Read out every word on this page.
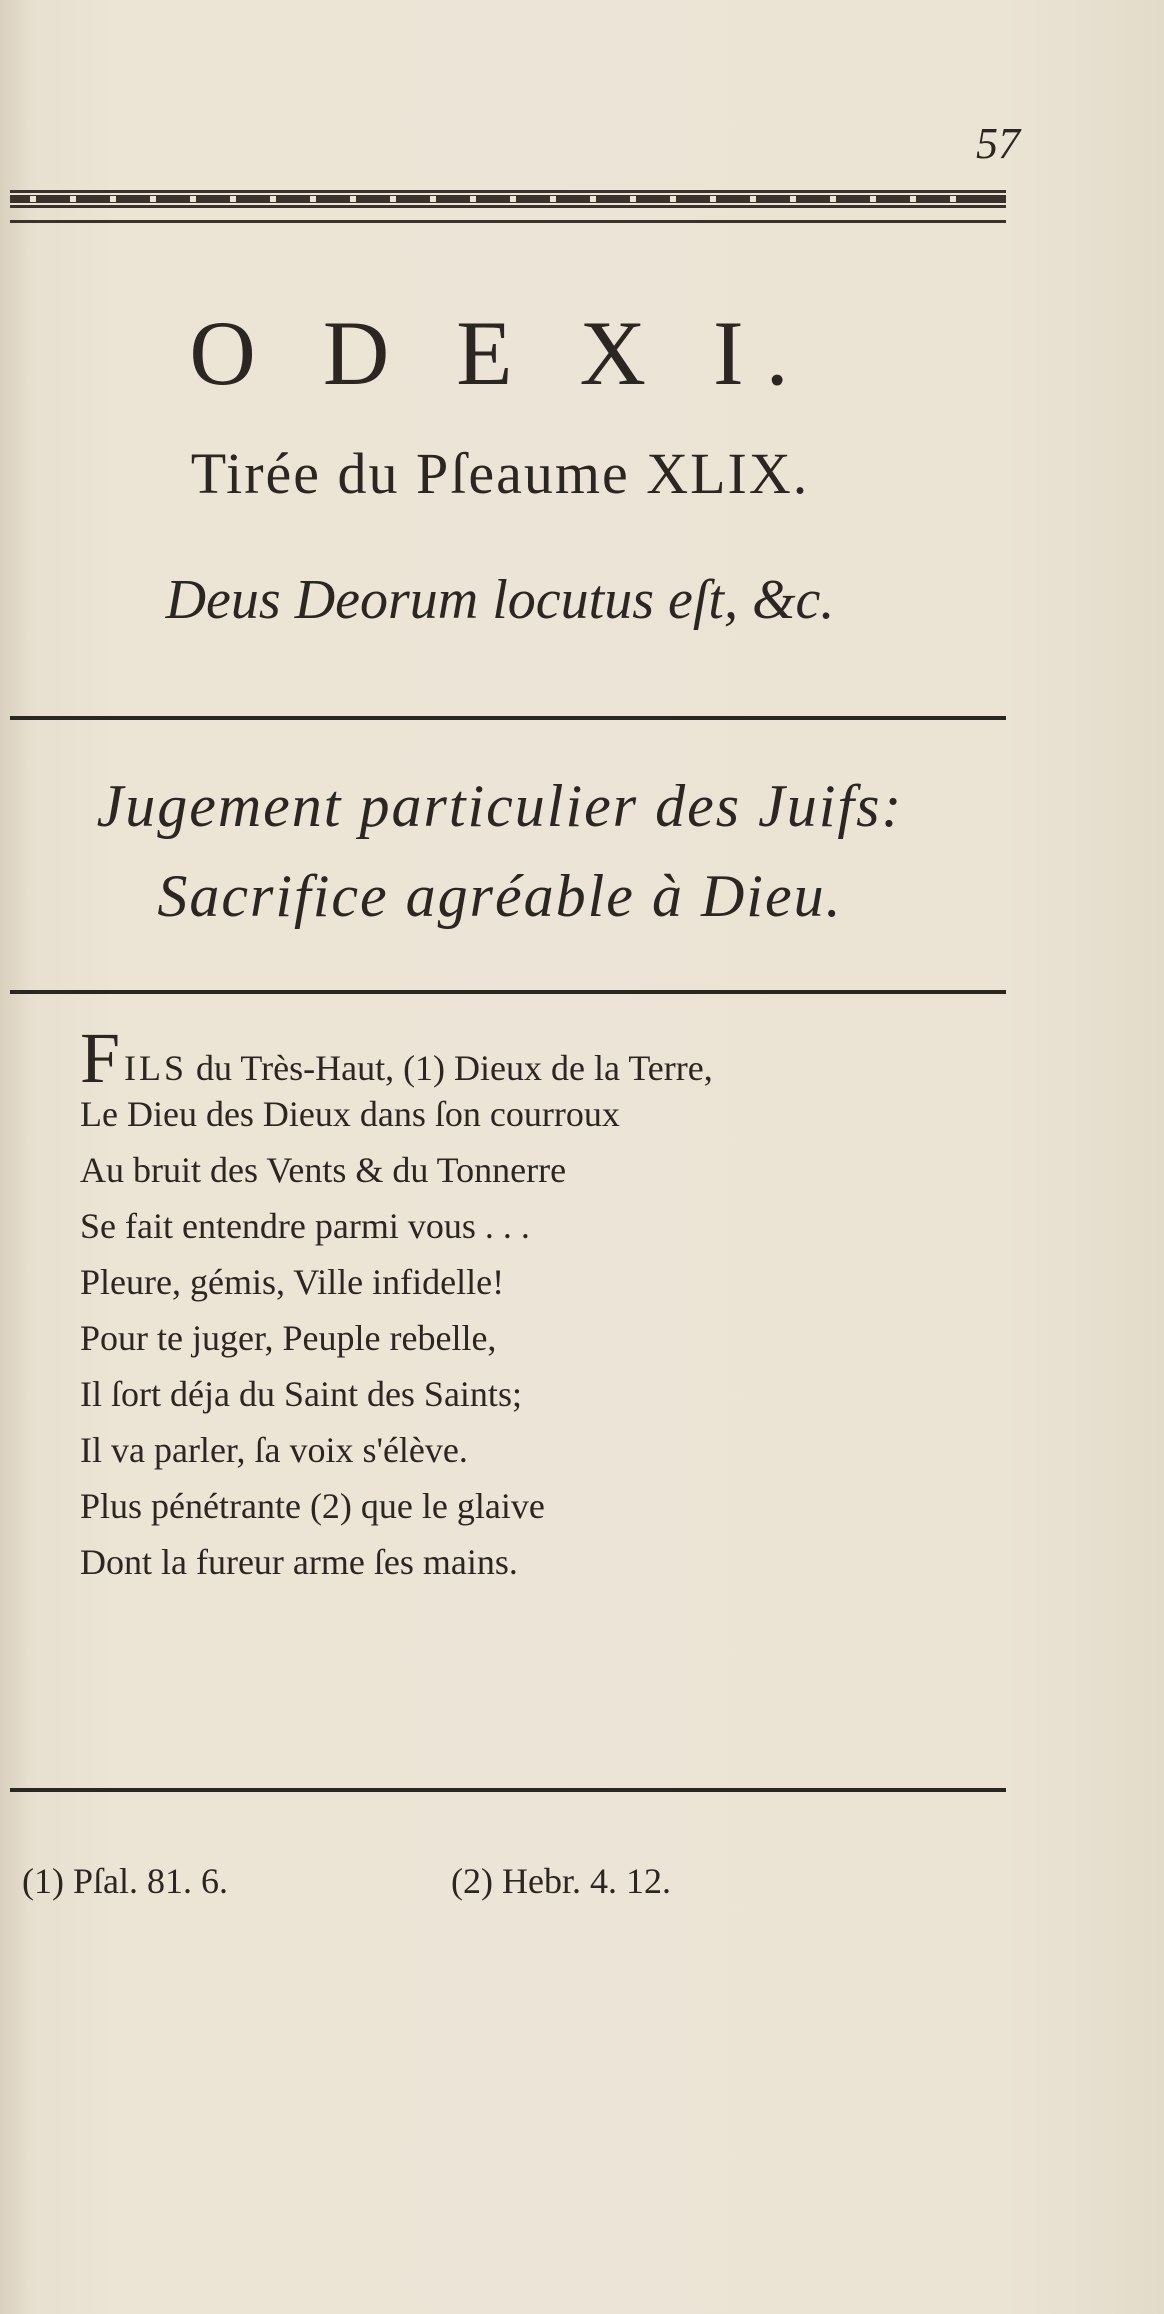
57
O D E X I.
Tirée du Pſeaume XLIX.
Deus Deorum locutus eſt, &c.
Jugement particulier des Juifs:
Sacrifice agréable à Dieu.
FILS du Très-Haut, (1) Dieux de la Terre,
Le Dieu des Dieux dans ſon courroux
Au bruit des Vents & du Tonnerre
Se fait entendre parmi vous . . .
Pleure, gémis, Ville infidelle!
Pour te juger, Peuple rebelle,
Il ſort déja du Saint des Saints;
Il va parler, ſa voix s'élève.
Plus pénétrante (2) que le glaive
Dont la fureur arme ſes mains.
(1) Pſal. 81. 6.	(2) Hebr. 4. 12.
